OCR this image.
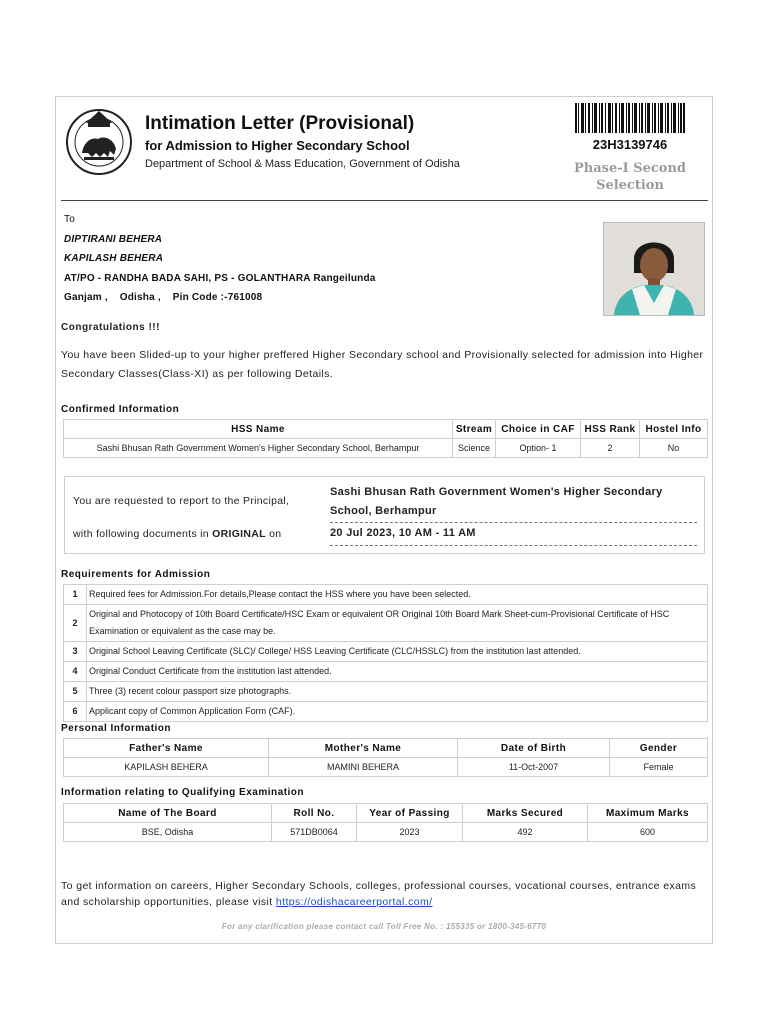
Intimation Letter (Provisional)
for Admission to Higher Secondary School
Department of School & Mass Education, Government of Odisha
23H3139746
Phase-I Second
Selection
To
DIPTIRANI BEHERA
KAPILASH BEHERA
AT/PO - RANDHA BADA SAHI, PS - GOLANTHARA Rangeilunda
Ganjam ,    Odisha ,    Pin Code :-761008
Congratulations !!!
You have been Slided-up to your higher preffered Higher Secondary school and Provisionally selected for admission into Higher Secondary Classes(Class-XI) as per following Details.
Confirmed Information
HSS Name	Stream	Choice in CAF	HSS Rank	Hostel Info
Sashi Bhusan Rath Government Women's Higher Secondary School, Berhampur	Science	Option- 1	2	No
You are requested to report to the Principal,
with following documents in ORIGINAL on
Sashi Bhusan Rath Government Women's Higher Secondary School, Berhampur
20 Jul 2023, 10 AM - 11 AM
Requirements for Admission
1	Required fees for Admission.For details,Please contact the HSS where you have been selected.
2	Original and Photocopy of 10th Board Certificate/HSC Exam or equivalent OR Original 10th Board Mark Sheet-cum-Provisional Certificate of HSC Examination or equivalent as the case may be.
3	Original School Leaving Certificate (SLC)/ College/ HSS Leaving Certificate (CLC/HSSLC) from the institution last attended.
4	Original Conduct Certificate from the institution last attended.
5	Three (3) recent colour passport size photographs.
6	Applicant copy of Common Application Form (CAF).
Personal Information
Father's Name	Mother's Name	Date of Birth	Gender
KAPILASH BEHERA	MAMINI BEHERA	11-Oct-2007	Female
Information relating to Qualifying Examination
Name of The Board	Roll No.	Year of Passing	Marks Secured	Maximum Marks
BSE, Odisha	571DB0064	2023	492	600
To get information on careers, Higher Secondary Schools, colleges, professional courses, vocational courses, entrance exams and scholarship opportunities, please visit https://odishacareerportal.com/
For any clarification please contact call Toll Free No. : 155335 or 1800-345-6770
